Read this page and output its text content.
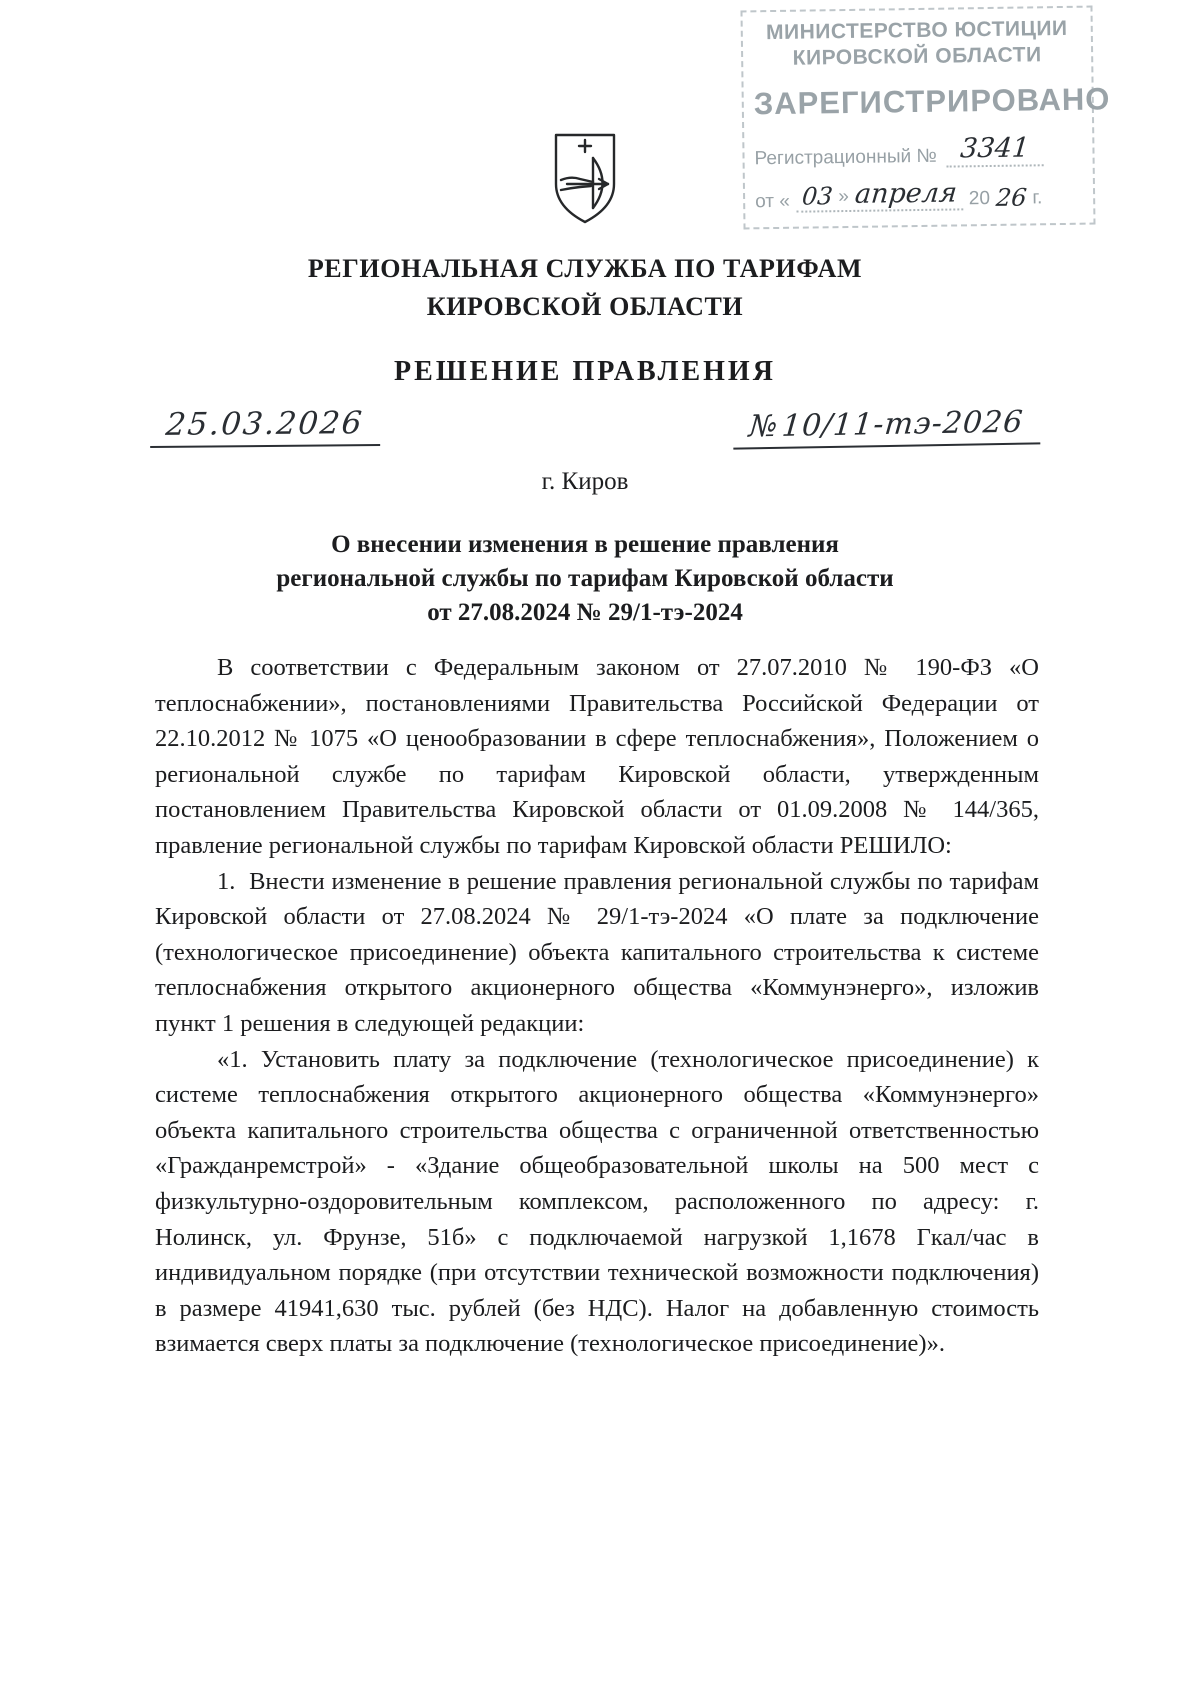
МИНИСТЕРСТВО ЮСТИЦИИ
КИРОВСКОЙ ОБЛАСТИ
ЗАРЕГИСТРИРОВАНО
Регистрационный № 3341
от « 03 » апреля 20 26 г.
РЕГИОНАЛЬНАЯ СЛУЖБА ПО ТАРИФАМ
КИРОВСКОЙ ОБЛАСТИ
РЕШЕНИЕ ПРАВЛЕНИЯ
25.03.2026	№ 10/11-тэ-2026
г. Киров
О внесении изменения в решение правления
региональной службы по тарифам Кировской области
от 27.08.2024 № 29/1-тэ-2024

В соответствии с Федеральным законом от 27.07.2010 № 190-ФЗ «О теплоснабжении», постановлениями Правительства Российской Федерации от 22.10.2012 № 1075 «О ценообразовании в сфере теплоснабжения», Положением о региональной службе по тарифам Кировской области, утвержденным постановлением Правительства Кировской области от 01.09.2008 № 144/365, правление региональной службы по тарифам Кировской области РЕШИЛО:

1.  Внести изменение в решение правления региональной службы по тарифам Кировской области от 27.08.2024 № 29/1-тэ-2024 «О плате за подключение (технологическое присоединение) объекта капитального строительства к системе теплоснабжения открытого акционерного общества «Коммунэнерго», изложив пункт 1 решения в следующей редакции:

«1. Установить плату за подключение (технологическое присоединение) к системе теплоснабжения открытого акционерного общества «Коммунэнерго» объекта капитального строительства общества с ограниченной ответственностью «Гражданремстрой» - «Здание общеобразовательной школы на 500 мест с физкультурно-оздоровительным комплексом, расположенного по адресу: г. Нолинск, ул. Фрунзе, 51б» с подключаемой нагрузкой 1,1678 Гкал/час в индивидуальном порядке (при отсутствии технической возможности подключения) в размере 41941,630 тыс. рублей (без НДС). Налог на добавленную стоимость взимается сверх платы за подключение (технологическое присоединение)».
